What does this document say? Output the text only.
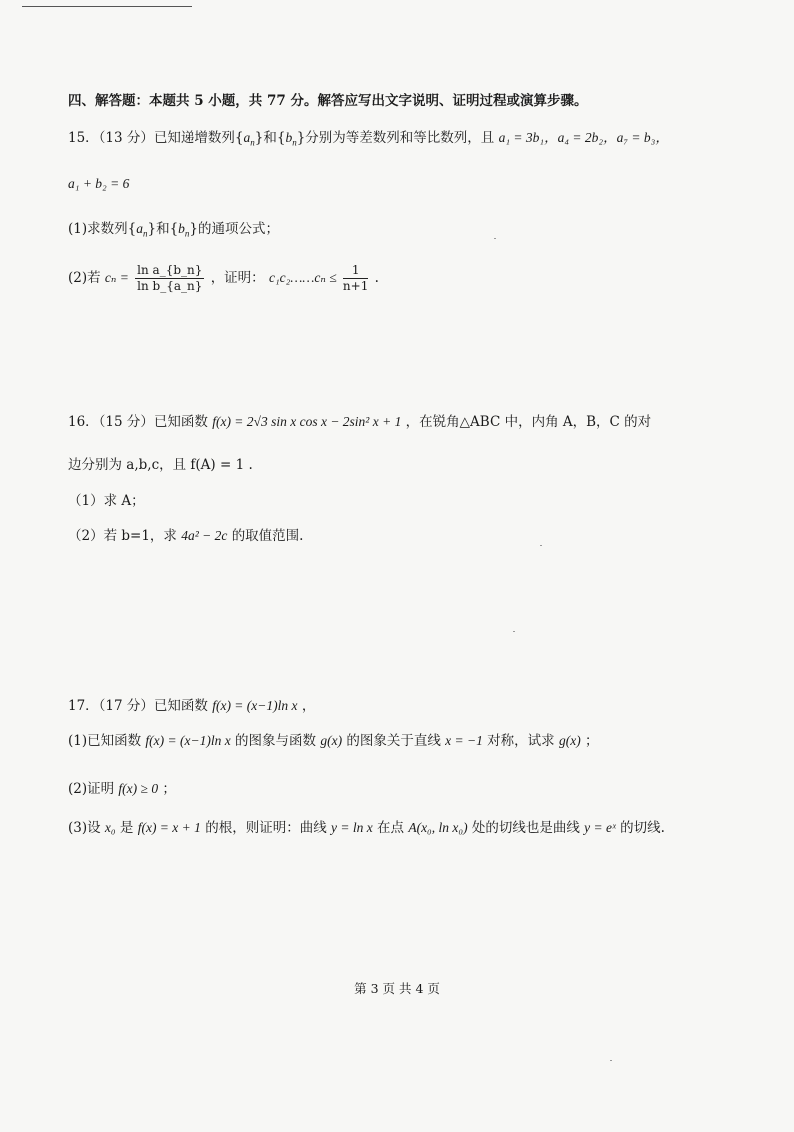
四、解答题：本题共 5 小题，共 77 分。解答应写出文字说明、证明过程或演算步骤。
15．（13 分）已知递增数列$\{a_n\}$和$\{b_n\}$分别为等差数列和等比数列，且 a₁ = 3b₁，a₄ = 2b₂，a₇ = b₃，
a₁ + b₂ = 6
(1)求数列$\{a_n\}$和$\{b_n\}$的通项公式；
(2)若 $c_n = \frac{\text{ln a\_\{b\_n\}}}{\text{ln b\_\{a\_n\}}}$ ，证明： c₁c₂……cₙ ≤ $\frac{1}{n+1}$ .
16．（15 分）已知函数 f(x) = 2√3 sin x cos x − 2sin² x + 1 ，在锐角△ABC 中，内角 A，B，C 的对
边分别为 a,b,c，且 f(A) = 1 .
（1）求 A；
（2）若 b=1，求 4a² − 2c 的取值范围.
17．（17 分）已知函数 f(x) = (x−1)ln x ，
(1)已知函数 f(x) = (x−1)ln x 的图象与函数 g(x) 的图象关于直线 x = −1 对称，试求 g(x) ；
(2)证明 f(x) ≥ 0 ；
(3)设 x₀ 是 f(x) = x + 1 的根，则证明：曲线 y = ln x 在点 A(x₀, ln x₀) 处的切线也是曲线 y = eˣ 的切线.
第 3 页 共 4 页
